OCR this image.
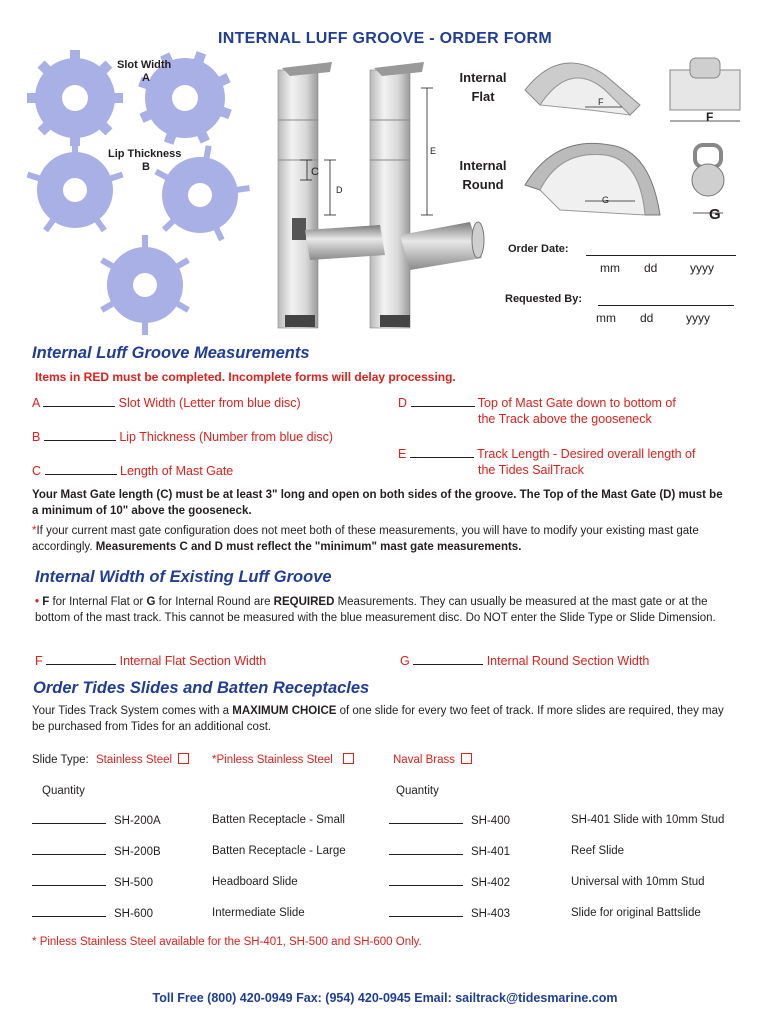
INTERNAL LUFF GROOVE - ORDER FORM
Slot Width
A
Lip Thickness
B	C
D
E
Internal
Flat
Internal
Round
F
F
G
G
Order Date:
mm dd	yyyy
Requested By:
mm dd	yyyy
Internal Luff Groove Measurements
Items in RED must be completed. Incomplete forms will delay processing.
A	Slot Width (Letter from blue disc)
B	Lip Thickness (Number from blue disc)
C	Length of Mast Gate
D	Top of Mast Gate down to bottom of
the Track above the gooseneck
E	Track Length - Desired overall length of
the Tides SailTrack
Your Mast Gate length (C) must be at least 3" long and open on both sides of the groove. The Top of the Mast Gate (D) must be a minimum of 10" above the gooseneck.
*If your current mast gate configuration does not meet both of these measurements, you will have to modify your existing mast gate accordingly. Measurements C and D must reflect the "minimum" mast gate measurements.
Internal Width of Existing Luff Groove
• F for Internal Flat or G for Internal Round are REQUIRED Measurements. They can usually be measured at the mast gate or at the bottom of the mast track. This cannot be measured with the blue measurement disc. Do NOT enter the Slide Type or Slide Dimension.
F	Internal Flat Section Width	G	Internal Round Section Width
Order Tides Slides and Batten Receptacles
Your Tides Track System comes with a MAXIMUM CHOICE of one slide for every two feet of track. If more slides are required, they may be purchased from Tides for an additional cost.
Slide Type: Stainless Steel	*Pinless Stainless Steel	Naval Brass
Quantity	Quantity
SH-200A	Batten Receptacle - Small
SH-200B	Batten Receptacle - Large
SH-500	Headboard Slide
SH-600	Intermediate Slide
SH-400	SH-401 Slide with 10mm Stud
SH-401	Reef Slide
SH-402	Universal with 10mm Stud
SH-403	Slide for original Battslide
* Pinless Stainless Steel available for the SH-401, SH-500 and SH-600 Only.
Toll Free (800) 420-0949 Fax: (954) 420-0945 Email: sailtrack@tidesmarine.com
